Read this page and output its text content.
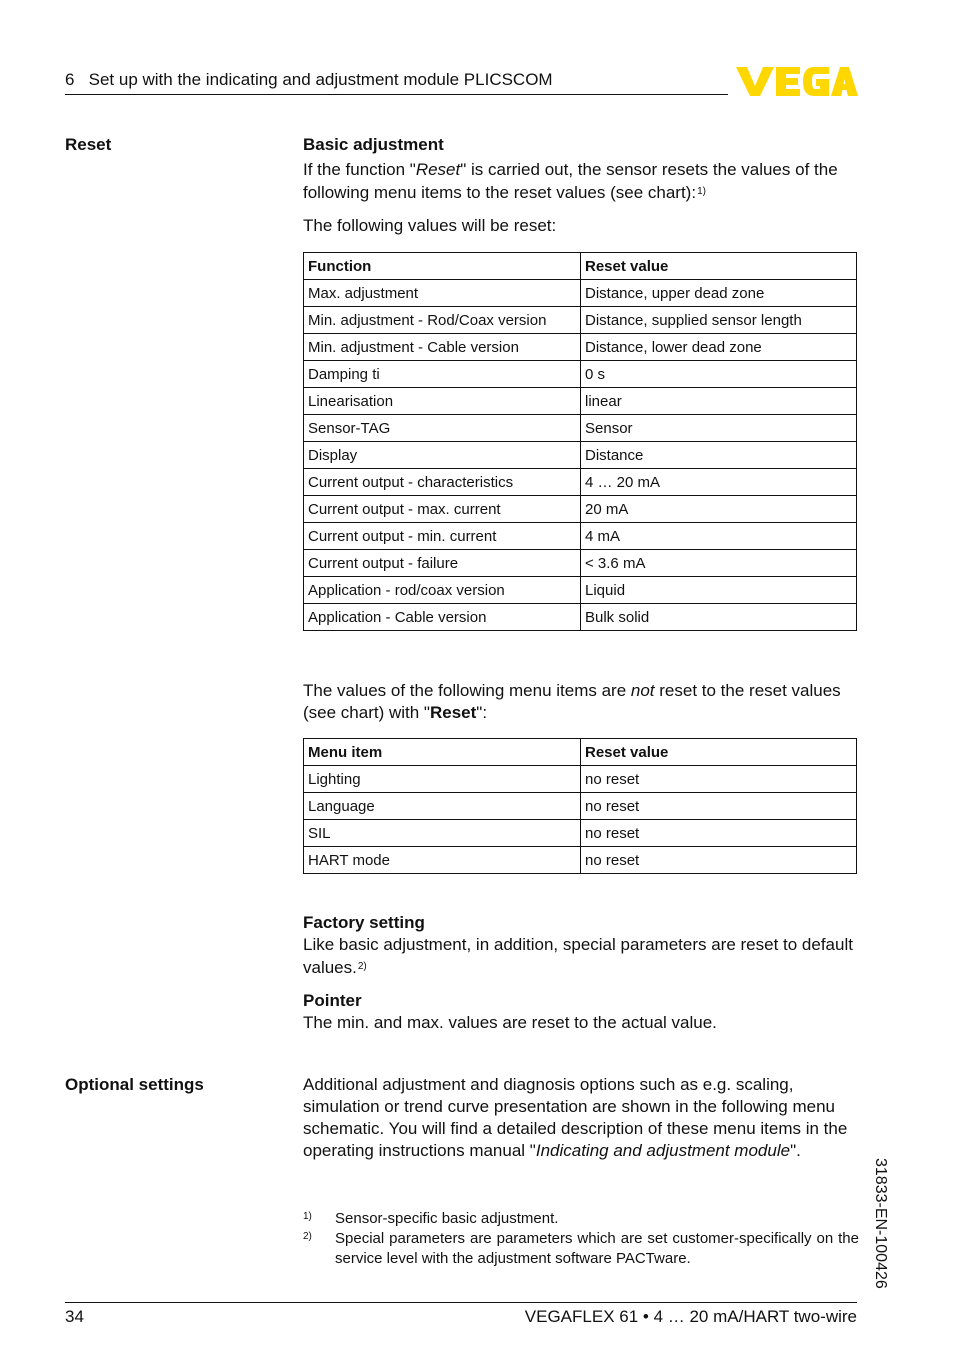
6   Set up with the indicating and adjustment module PLICSCOM
Reset	Basic adjustment
If the function "Reset" is carried out, the sensor resets the values of the following menu items to the reset values (see chart):$^{1)}$
The following values will be reset:
Function	Reset value
Max. adjustment	Distance, upper dead zone
Min. adjustment - Rod/Coax version	Distance, supplied sensor length
Min. adjustment - Cable version	Distance, lower dead zone
Damping ti	0 s
Linearisation	linear
Sensor-TAG	Sensor
Display	Distance
Current output - characteristics	4 … 20 mA
Current output - max. current	20 mA
Current output - min. current	4 mA
Current output - failure	< 3.6 mA
Application - rod/coax version	Liquid
Application - Cable version	Bulk solid
The values of the following menu items are not reset to the reset values (see chart) with "Reset":
Menu item	Reset value
Lighting	no reset
Language	no reset
SIL	no reset
HART mode	no reset
Factory setting
Like basic adjustment, in addition, special parameters are reset to default values.$^{2)}$
Pointer
The min. and max. values are reset to the actual value.
Optional settings	Additional adjustment and diagnosis options such as e.g. scaling, simulation or trend curve presentation are shown in the following menu schematic. You will find a detailed description of these menu items in the operating instructions manual "Indicating and adjustment module".
1) Sensor-specific basic adjustment.
2) Special parameters are parameters which are set customer-specifically on the service level with the adjustment software PACTware.	31833-EN-100426
34	VEGAFLEX 61 • 4 … 20 mA/HART two-wire
